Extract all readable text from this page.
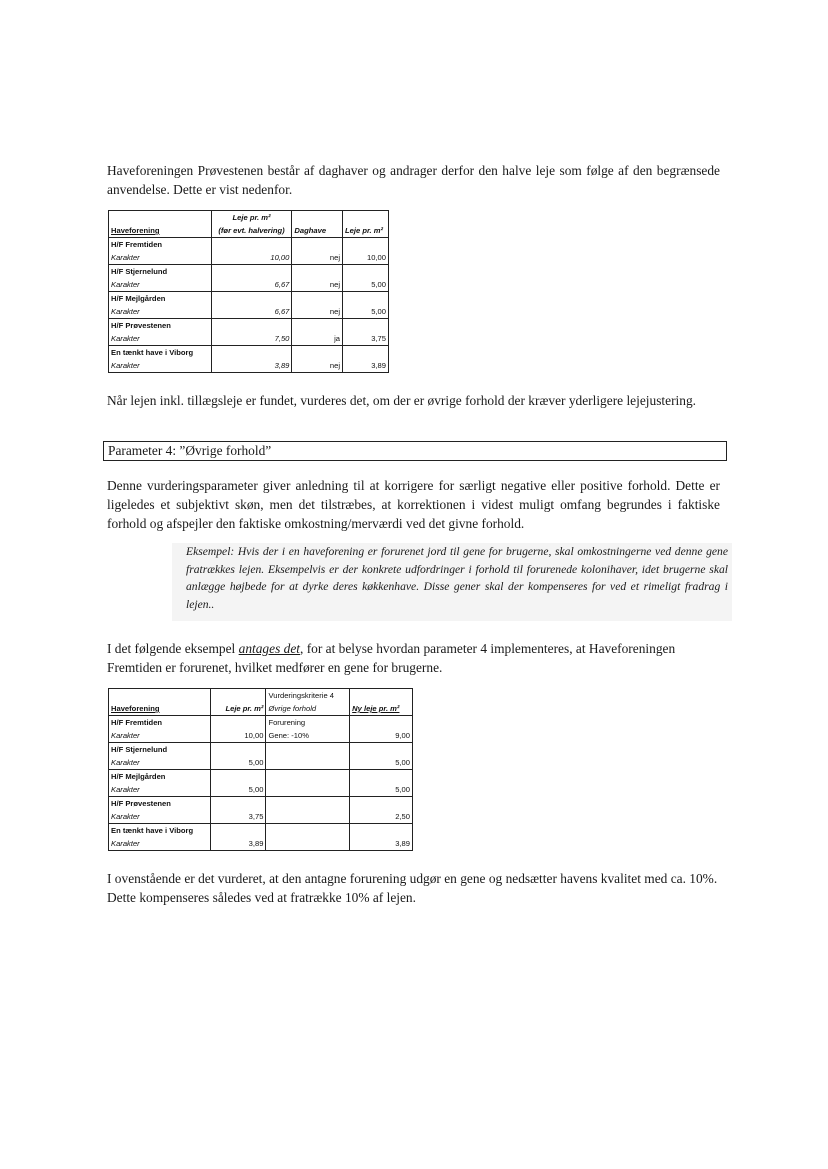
Haveforeningen Prøvestenen består af daghaver og andrager derfor den halve leje som følge af den begrænsede anvendelse. Dette er vist nedenfor.

	Leje pr. m²		
Haveforening	(før evt. halvering)	Daghave	Leje pr. m²
H/F Fremtiden			
Karakter	10,00	nej	10,00
H/F Stjernelund			
Karakter	6,67	nej	5,00
H/F Mejlgården			
Karakter	6,67	nej	5,00
H/F Prøvestenen			
Karakter	7,50	ja	3,75
En tænkt have i Viborg			
Karakter	3,89	nej	3,89

Når lejen inkl. tillægsleje er fundet, vurderes det, om der er øvrige forhold der kræver yderligere lejejustering.

Parameter 4: ”Øvrige forhold”

Denne vurderingsparameter giver anledning til at korrigere for særligt negative eller positive forhold. Dette er ligeledes et subjektivt skøn, men det tilstræbes, at korrektionen i videst muligt omfang begrundes i faktiske forhold og afspejler den faktiske omkostning/merværdi ved det givne forhold.

Eksempel: Hvis der i en haveforening er forurenet jord til gene for brugerne, skal omkostningerne ved denne gene fratrækkes lejen. Eksempelvis er der konkrete udfordringer i forhold til forurenede kolonihaver, idet brugerne skal anlægge højbede for at dyrke deres køkkenhave. Disse gener skal der kompenseres for ved et rimeligt fradrag i lejen..

I det følgende eksempel antages det, for at belyse hvordan parameter 4 implementeres, at Haveforeningen Fremtiden er forurenet, hvilket medfører en gene for brugerne.

		Vurderingskriterie 4	
Haveforening	Leje pr. m²	Øvrige forhold	Ny leje pr. m²
H/F Fremtiden		Forurening	
Karakter	10,00	Gene: -10%	9,00
H/F Stjernelund			
Karakter	5,00		5,00
H/F Mejlgården			
Karakter	5,00		5,00
H/F Prøvestenen			
Karakter	3,75		2,50
En tænkt have i Viborg			
Karakter	3,89		3,89

I ovenstående er det vurderet, at den antagne forurening udgør en gene og nedsætter havens kvalitet med ca. 10%. Dette kompenseres således ved at fratrække 10% af lejen.
